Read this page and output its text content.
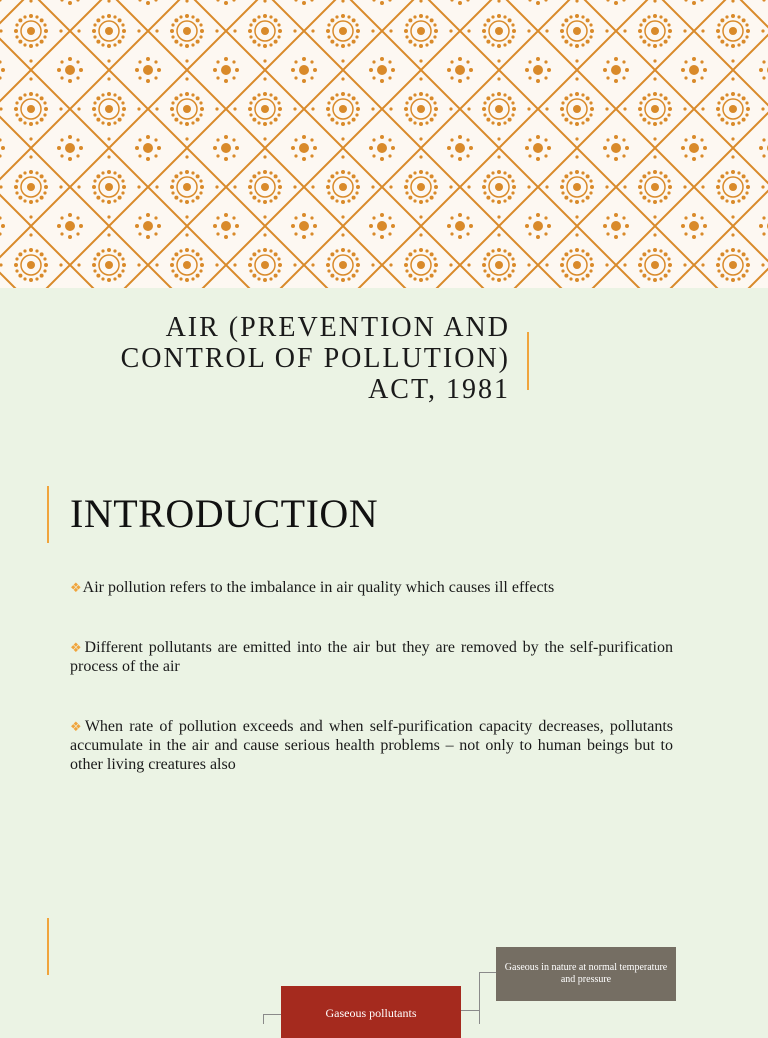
AIR (PREVENTION AND
CONTROL OF POLLUTION)
ACT, 1981
INTRODUCTION
❖Air pollution refers to the imbalance in air quality which causes ill effects
❖Different pollutants are emitted into the air but they are removed by the self-purification process of the air
❖When rate of pollution exceeds and when self-purification capacity decreases, pollutants accumulate in the air and cause serious health problems – not only to human beings but to other living creatures also
Gaseous in nature at normal temperature and pressure
Gaseous pollutants
